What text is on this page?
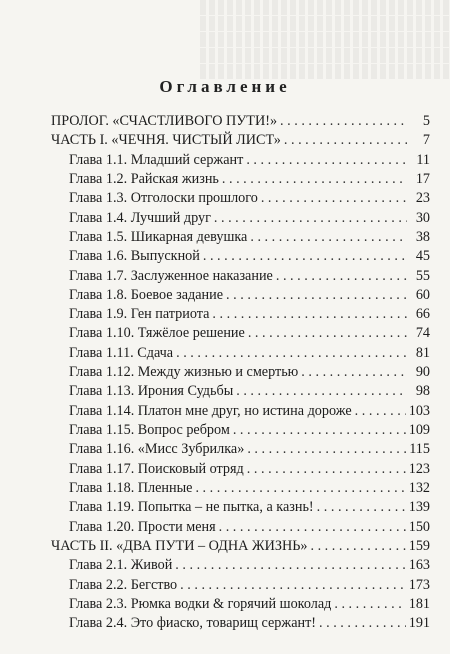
Оглавление
ПРОЛОГ. «СЧАСТЛИВОГО ПУТИ!» . . .	5
ЧАСТЬ I. «ЧЕЧНЯ. ЧИСТЫЙ ЛИСТ» . . .	7
Глава 1.1. Младший сержант . . .	11
Глава 1.2. Райская жизнь . . .	17
Глава 1.3. Отголоски прошлого . . .	23
Глава 1.4. Лучший друг . . .	30
Глава 1.5. Шикарная девушка . . .	38
Глава 1.6. Выпускной . . .	45
Глава 1.7. Заслуженное наказание . . .	55
Глава 1.8. Боевое задание . . .	60
Глава 1.9. Ген патриота . . .	66
Глава 1.10. Тяжёлое решение . . .	74
Глава 1.11. Сдача . . .	81
Глава 1.12. Между жизнью и смертью . . .	90
Глава 1.13. Ирония Судьбы . . .	98
Глава 1.14. Платон мне друг, но истина дороже . . .	103
Глава 1.15. Вопрос ребром . . .	109
Глава 1.16. «Мисс Зубрилка» . . .	115
Глава 1.17. Поисковый отряд . . .	123
Глава 1.18. Пленные . . .	132
Глава 1.19. Попытка – не пытка, а казнь! . . .	139
Глава 1.20. Прости меня . . .	150
ЧАСТЬ II. «ДВА ПУТИ – ОДНА ЖИЗНЬ» . . .	159
Глава 2.1. Живой . . .	163
Глава 2.2. Бегство . . .	173
Глава 2.3. Рюмка водки & горячий шоколад . . .	181
Глава 2.4. Это фиаско, товарищ сержант! . . .	191
